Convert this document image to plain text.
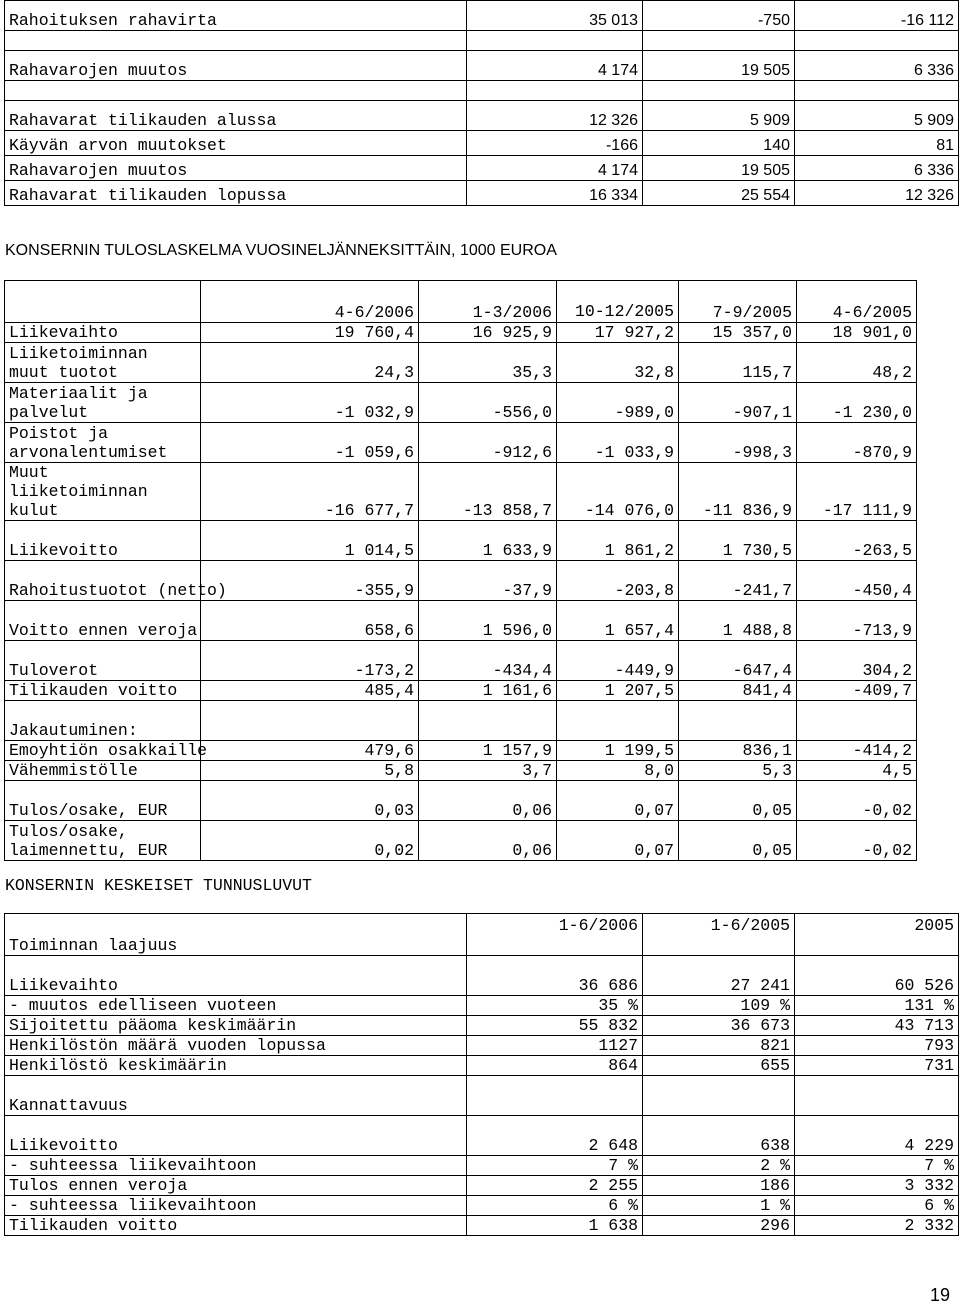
Rahoituksen rahavirta	35 013	-750	-16 112

Rahavarojen muutos	4 174	19 505	6 336

Rahavarat tilikauden alussa	12 326	5 909	5 909
Käyvän arvon muutokset	-166	140	81
Rahavarojen muutos	4 174	19 505	6 336
Rahavarat tilikauden lopussa	16 334	25 554	12 326
KONSERNIN TULOSLASKELMA VUOSINELJÄNNEKSITTÄIN, 1000 EUROA
	4-6/2006	1-3/2006	10-12/2005	7-9/2005	4-6/2005
Liikevaihto	19 760,4	16 925,9	17 927,2	15 357,0	18 901,0
Liiketoiminnan muut tuotot	24,3	35,3	32,8	115,7	48,2
Materiaalit ja palvelut	-1 032,9	-556,0	-989,0	-907,1	-1 230,0
Poistot ja arvonalentumiset	-1 059,6	-912,6	-1 033,9	-998,3	-870,9
Muut liiketoiminnan kulut	-16 677,7	-13 858,7	-14 076,0	-11 836,9	-17 111,9
Liikevoitto	1 014,5	1 633,9	1 861,2	1 730,5	-263,5
Rahoitustuotot (netto)	-355,9	-37,9	-203,8	-241,7	-450,4
Voitto ennen veroja	658,6	1 596,0	1 657,4	1 488,8	-713,9
Tuloverot	-173,2	-434,4	-449,9	-647,4	304,2
Tilikauden voitto	485,4	1 161,6	1 207,5	841,4	-409,7
Jakautuminen:					
Emoyhtiön osakkaille	479,6	1 157,9	1 199,5	836,1	-414,2
Vähemmistölle	5,8	3,7	8,0	5,3	4,5
Tulos/osake, EUR	0,03	0,06	0,07	0,05	-0,02
Tulos/osake, laimennettu, EUR	0,02	0,06	0,07	0,05	-0,02
KONSERNIN KESKEISET TUNNUSLUVUT
Toiminnan laajuus	1-6/2006	1-6/2005	2005
Liikevaihto	36 686	27 241	60 526
- muutos edelliseen vuoteen	35 %	109 %	131 %
Sijoitettu pääoma keskimäärin	55 832	36 673	43 713
Henkilöstön määrä vuoden lopussa	1127	821	793
Henkilöstö keskimäärin	864	655	731
Kannattavuus			
Liikevoitto	2 648	638	4 229
- suhteessa liikevaihtoon	7 %	2 %	7 %
Tulos ennen veroja	2 255	186	3 332
- suhteessa liikevaihtoon	6 %	1 %	6 %
Tilikauden voitto	1 638	296	2 332
19
